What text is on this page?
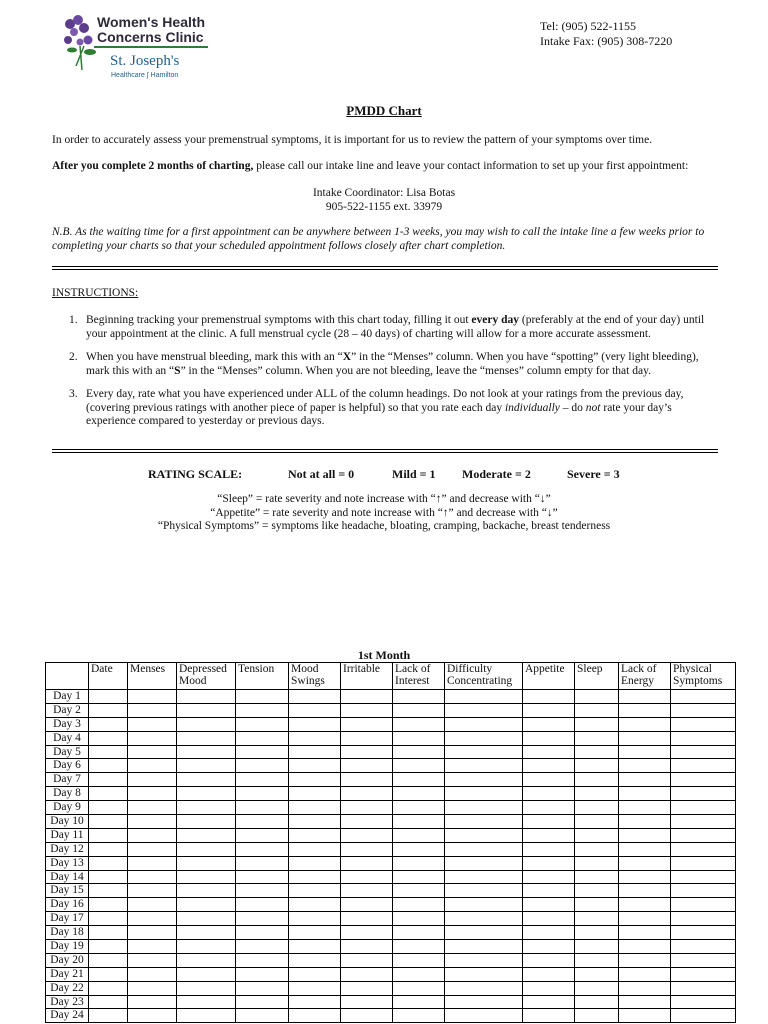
Women's Health
Concerns Clinic
St. Joseph's
Healthcare ∫ Hamilton
Tel: (905) 522-1155
Intake Fax: (905) 308-7220
PMDD Chart
In order to accurately assess your premenstrual symptoms, it is important for us to review the pattern of your symptoms over time.
After you complete 2 months of charting, please call our intake line and leave your contact information to set up your first appointment:
Intake Coordinator: Lisa Botas
905-522-1155 ext. 33979
N.B. As the waiting time for a first appointment can be anywhere between 1-3 weeks, you may wish to call the intake line a few weeks prior to completing your charts so that your scheduled appointment follows closely after chart completion.
INSTRUCTIONS:
1. Beginning tracking your premenstrual symptoms with this chart today, filling it out every day (preferably at the end of your day) until your appointment at the clinic. A full menstrual cycle (28 – 40 days) of charting will allow for a more accurate assessment.
2. When you have menstrual bleeding, mark this with an “X” in the “Menses” column. When you have “spotting” (very light bleeding), mark this with an “S” in the “Menses” column. When you are not bleeding, leave the “menses” column empty for that day.
3. Every day, rate what you have experienced under ALL of the column headings. Do not look at your ratings from the previous day, (covering previous ratings with another piece of paper is helpful) so that you rate each day individually – do not rate your day’s experience compared to yesterday or previous days.
RATING SCALE:	Not at all = 0	Mild = 1 Moderate = 2	Severe = 3
“Sleep” = rate severity and note increase with “↑” and decrease with “↓”
“Appetite” = rate severity and note increase with “↑” and decrease with “↓”
“Physical Symptoms” = symptoms like headache, bloating, cramping, backache, breast tenderness
1st Month
	Date	Menses	Depressed Mood	Tension	Mood Swings	Irritable	Lack of Interest	Difficulty Concentrating	Appetite	Sleep	Lack of Energy	Physical Symptoms
Day 1												
Day 2												
Day 3												
Day 4												
Day 5												
Day 6												
Day 7												
Day 8												
Day 9												
Day 10												
Day 11												
Day 12												
Day 13												
Day 14												
Day 15												
Day 16												
Day 17												
Day 18												
Day 19												
Day 20												
Day 21												
Day 22												
Day 23												
Day 24												
